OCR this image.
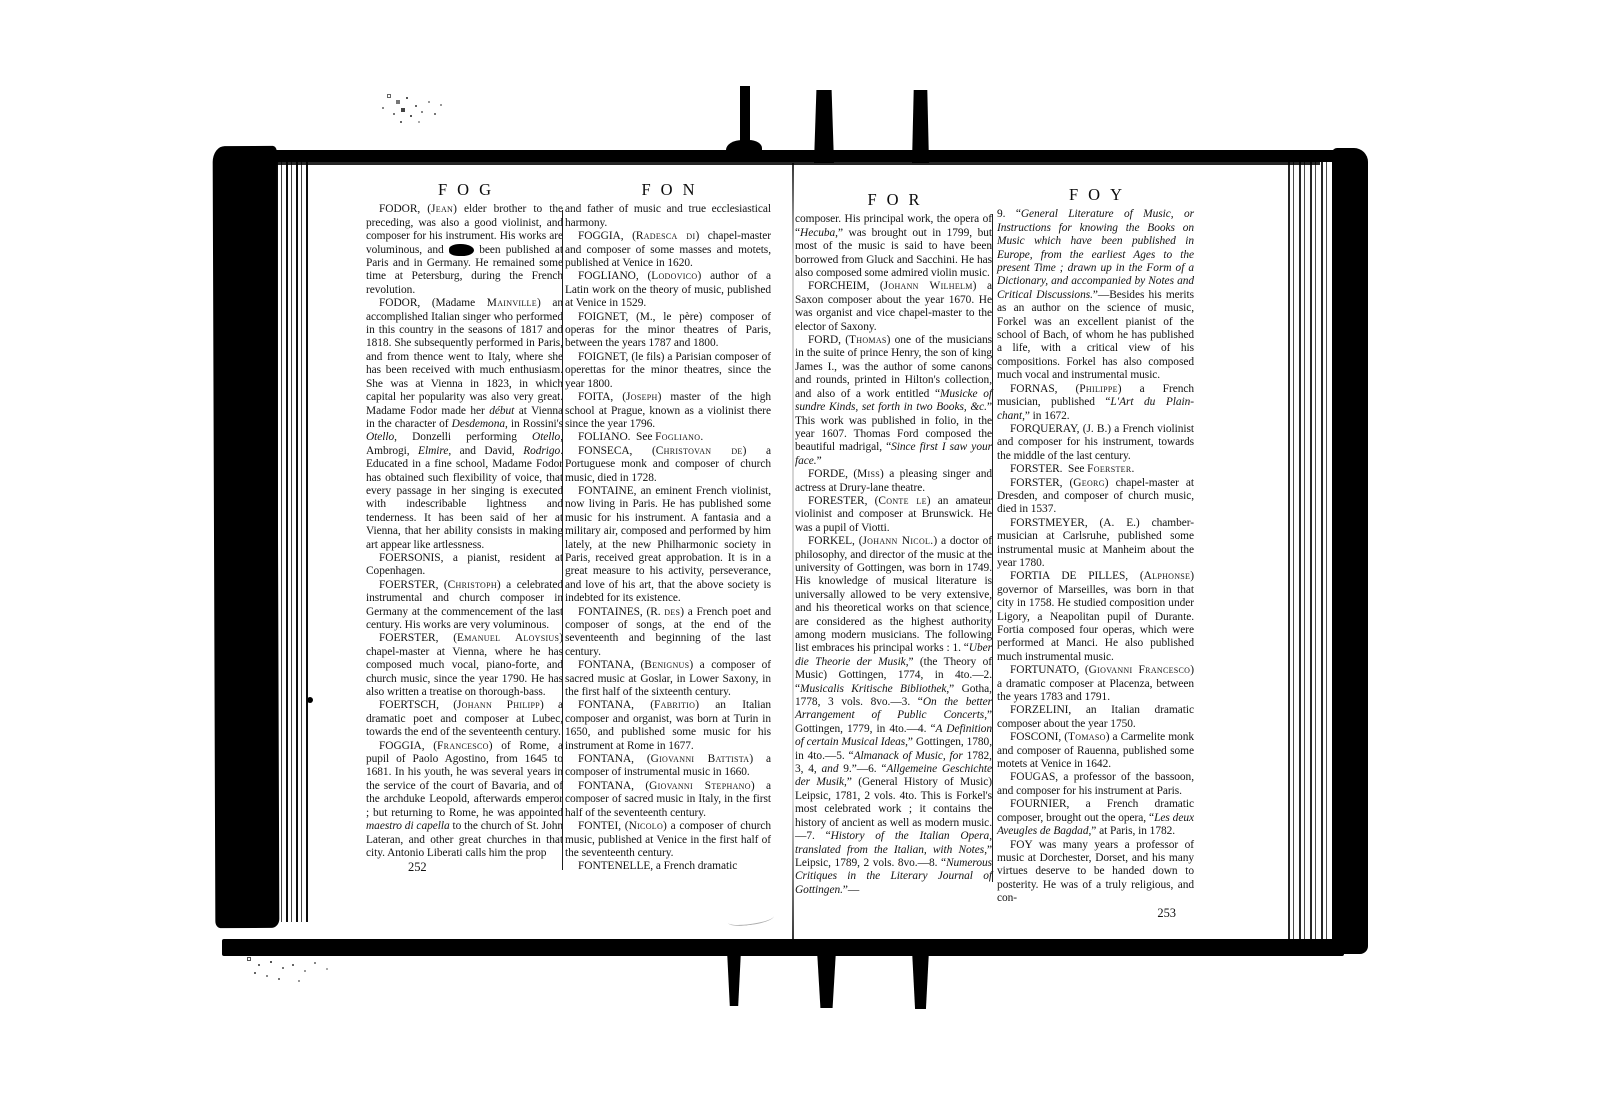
FOG

FODOR, (Jean) elder brother to the preceding, was also a good violinist, and composer for his instrument. His works are voluminous, and      been published at Paris and in Germany. He remained some time at Petersburg, during the French revolution.

FODOR, (Madame Mainville) an accomplished Italian singer who performed in this country in the seasons of 1817 and 1818. She subsequently performed in Paris, and from thence went to Italy, where she has been received with much enthusiasm. She was at Vienna in 1823, in which capital her popularity was also very great. Madame Fodor made her début at Vienna in the character of Desdemona, in Rossini's Otello, Donzelli performing Otello, Ambrogi, Elmire, and David, Rodrigo. Educated in a fine school, Madame Fodor has obtained such flexibility of voice, that every passage in her singing is executed with indescribable lightness and tenderness. It has been said of her at Vienna, that her ability consists in making art appear like artlessness.

FOERSONIS, a pianist, resident at Copenhagen.

FOERSTER, (Christoph) a celebrated instrumental and church composer in Germany at the commencement of the last century. His works are very voluminous.

FOERSTER, (Emanuel Aloysius) chapel-master at Vienna, where he has composed much vocal, piano-forte, and church music, since the year 1790. He has also written a treatise on thorough-bass.

FOERTSCH, (Johann Philipp) a dramatic poet and composer at Lubec, towards the end of the seventeenth century.

FOGGIA, (Francesco) of Rome, a pupil of Paolo Agostino, from 1645 to 1681. In his youth, he was several years in the service of the court of Bavaria, and of the archduke Leopold, afterwards emperor ; but returning to Rome, he was appointed maestro di capella to the church of St. John Lateran, and other great churches in that city. Antonio Liberati calls him the prop

252

FON

and father of music and true ecclesiastical harmony.

FOGGIA, (Radesca di) chapel-master and composer of some masses and motets, published at Venice in 1620.

FOGLIANO, (Lodovico) author of a Latin work on the theory of music, published at Venice in 1529.

FOIGNET, (M., le père) composer of operas for the minor theatres of Paris, between the years 1787 and 1800.

FOIGNET, (le fils) a Parisian composer of operettas for the minor theatres, since the year 1800.

FOITA, (Joseph) master of the high school at Prague, known as a violinist there since the year 1796.

FOLIANO.  See Fogliano.

FONSECA, (Christovan de) a Portuguese monk and composer of church music, died in 1728.

FONTAINE, an eminent French violinist, now living in Paris. He has published some music for his instrument. A fantasia and a military air, composed and performed by him lately, at the new Philharmonic society in Paris, received great approbation. It is in a great measure to his activity, perseverance, and love of his art, that the above society is indebted for its existence.

FONTAINES, (R. des) a French poet and composer of songs, at the end of the seventeenth and beginning of the last century.

FONTANA, (Benignus) a composer of sacred music at Goslar, in Lower Saxony, in the first half of the sixteenth century.

FONTANA, (Fabritio) an Italian composer and organist, was born at Turin in 1650, and published some music for his instrument at Rome in 1677.

FONTANA, (Giovanni Battista) a composer of instrumental music in 1660.

FONTANA, (Giovanni Stephano) a composer of sacred music in Italy, in the first half of the seventeenth century.

FONTEI, (Nicolo) a composer of church music, published at Venice in the first half of the seventeenth century.

FONTENELLE, a French dramatic

FOR

composer. His principal work, the opera of “Hecuba,” was brought out in 1799, but most of the music is said to have been borrowed from Gluck and Sacchini. He has also composed some admired violin music.

FORCHEIM, (Johann Wilhelm) a Saxon composer about the year 1670. He was organist and vice chapel-master to the elector of Saxony.

FORD, (Thomas) one of the musicians in the suite of prince Henry, the son of king James I., was the author of some canons and rounds, printed in Hilton's collection, and also of a work entitled “Musicke of sundre Kinds, set forth in two Books, &c.” This work was published in folio, in the year 1607. Thomas Ford composed the beautiful madrigal, “Since first I saw your face.”

FORDE, (Miss) a pleasing singer and actress at Drury-lane theatre.

FORESTER, (Conte le) an amateur violinist and composer at Brunswick. He was a pupil of Viotti.

FORKEL, (Johann Nicol.) a doctor of philosophy, and director of the music at the university of Gottingen, was born in 1749. His knowledge of musical literature is universally allowed to be very extensive, and his theoretical works on that science, are considered as the highest authority among modern musicians. The following list embraces his principal works : 1. “Uber die Theorie der Musik,” (the Theory of Music) Gottingen, 1774, in 4to.—2. “Musicalis Kritische Bibliothek,” Gotha, 1778, 3 vols. 8vo.—3. “On the better Arrangement of Public Concerts,” Gottingen, 1779, in 4to.—4. “A Definition of certain Musical Ideas,” Gottingen, 1780, in 4to.—5. “Almanack of Music, for 1782, 3, 4, and 9.”—6. “Allgemeine Geschichte der Musik,” (General History of Music) Leipsic, 1781, 2 vols. 4to. This is Forkel's most celebrated work ; it contains the history of ancient as well as modern music.—7. “History of the Italian Opera, translated from the Italian, with Notes,” Leipsic, 1789, 2 vols. 8vo.—8. “Numerous Critiques in the Literary Journal of Gottingen.”—

FOY

9. “General Literature of Music, or Instructions for knowing the Books on Music which have been published in Europe, from the earliest Ages to the present Time ; drawn up in the Form of a Dictionary, and accompanied by Notes and Critical Discussions.”—Besides his merits as an author on the science of music, Forkel was an excellent pianist of the school of Bach, of whom he has published a life, with a critical view of his compositions. Forkel has also composed much vocal and instrumental music.

FORNAS, (Philippe) a French musician, published “L'Art du Plain-chant,” in 1672.

FORQUERAY, (J. B.) a French violinist and composer for his instrument, towards the middle of the last century.

FORSTER.  See Foerster.

FORSTER, (Georg) chapel-master at Dresden, and composer of church music, died in 1537.

FORSTMEYER, (A. E.) chamber-musician at Carlsruhe, published some instrumental music at Manheim about the year 1780.

FORTIA DE PILLES, (Alphonse) governor of Marseilles, was born in that city in 1758. He studied composition under Ligory, a Neapolitan pupil of Durante. Fortia composed four operas, which were performed at Manci. He also published much instrumental music.

FORTUNATO, (Giovanni Francesco) a dramatic composer at Placenza, between the years 1783 and 1791.

FORZELINI, an Italian dramatic composer about the year 1750.

FOSCONI, (Tomaso) a Carmelite monk and composer of Rauenna, published some motets at Venice in 1642.

FOUGAS, a professor of the bassoon, and composer for his instrument at Paris.

FOURNIER, a French dramatic composer, brought out the opera, “Les deux Aveugles de Bagdad,” at Paris, in 1782.

FOY was many years a professor of music at Dorchester, Dorset, and his many virtues deserve to be handed down to posterity. He was of a truly religious, and con-

253
